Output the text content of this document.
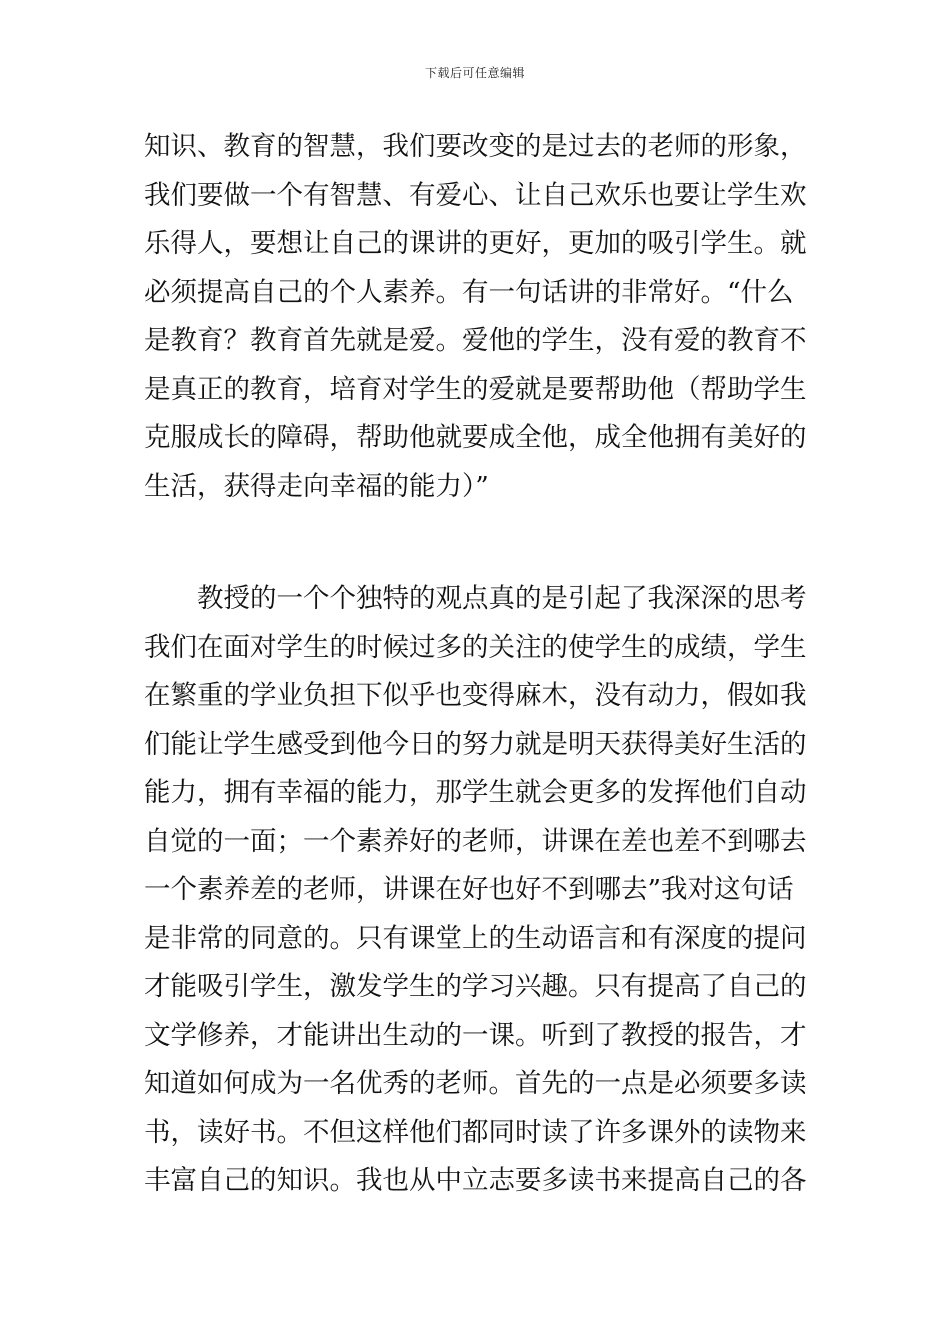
下载后可任意编辑
知识、教育的智慧，我们要改变的是过去的老师的形象，
我们要做一个有智慧、有爱心、让自己欢乐也要让学生欢
乐得人，要想让自己的课讲的更好，更加的吸引学生。就
必须提高自己的个人素养。有一句话讲的非常好。“什么
是教育？教育首先就是爱。爱他的学生，没有爱的教育不
是真正的教育，培育对学生的爱就是要帮助他（帮助学生
克服成长的障碍，帮助他就要成全他，成全他拥有美好的
生活，获得走向幸福的能力）”
　　教授的一个个独特的观点真的是引起了我深深的思考
我们在面对学生的时候过多的关注的使学生的成绩，学生
在繁重的学业负担下似乎也变得麻木，没有动力，假如我
们能让学生感受到他今日的努力就是明天获得美好生活的
能力，拥有幸福的能力，那学生就会更多的发挥他们自动
自觉的一面；一个素养好的老师，讲课在差也差不到哪去
一个素养差的老师，讲课在好也好不到哪去”我对这句话
是非常的同意的。只有课堂上的生动语言和有深度的提问
才能吸引学生，激发学生的学习兴趣。只有提高了自己的
文学修养，才能讲出生动的一课。听到了教授的报告，才
知道如何成为一名优秀的老师。首先的一点是必须要多读
书，读好书。不但这样他们都同时读了许多课外的读物来
丰富自己的知识。我也从中立志要多读书来提高自己的各
